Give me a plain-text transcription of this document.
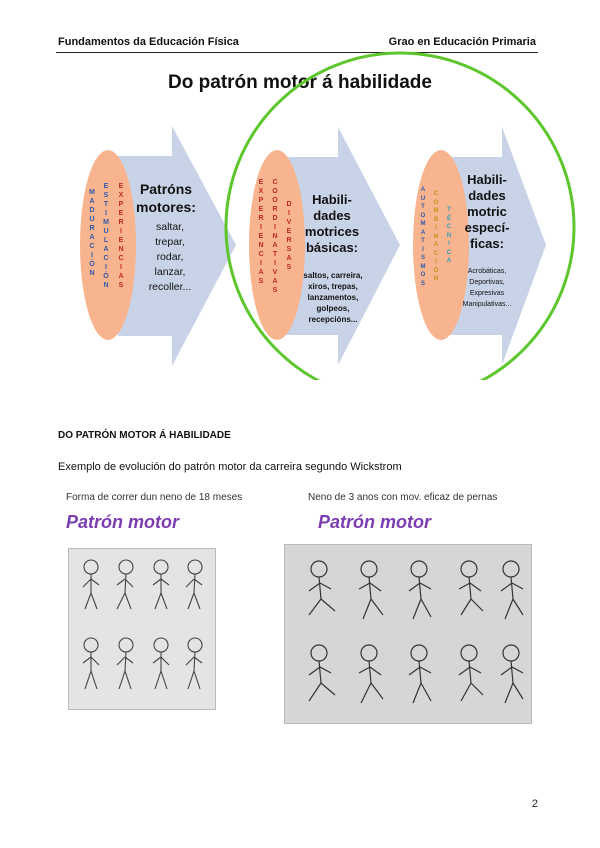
Fundamentos da Educación Física	Grao en Educación Primaria
Do patrón motor á habilidade
M
A
D
U
R
A
C
I
Ó
N
E
S
T
I
M
U
L
A
C
I
Ó
N
E
X
P
E
R
I
E
N
C
I
A
S
Patróns
motores:
saltar,
trepar,
rodar,
lanzar,
recoller...
E
X
P
E
R
I
E
N
C
I
A
S
C
O
O
R
D
I
N
A
T
I
V
A
S
D
I
V
E
R
S
A
S
Habili-
dades
motrices
básicas:
saltos, carreira,
xiros, trepas,
lanzamentos,
golpeos,
recepcións...
A
U
T
O
M
A
T
I
S
M
O
S
C
O
M
B
I
N
A
C
I
Ó
N
T
É
C
N
I
C
A
Habili-
dades
motric
especí-
ficas:
Acrobáticas,
Deportivas,
Expresivas
Manipulativas...
DO PATRÓN MOTOR Á HABILIDADE
Exemplo de evolución do patrón motor da carreira segundo Wickstrom
Forma de correr dun neno de 18 meses
Patrón motor
Neno de 3 anos con mov. eficaz de pernas
Patrón motor
2
